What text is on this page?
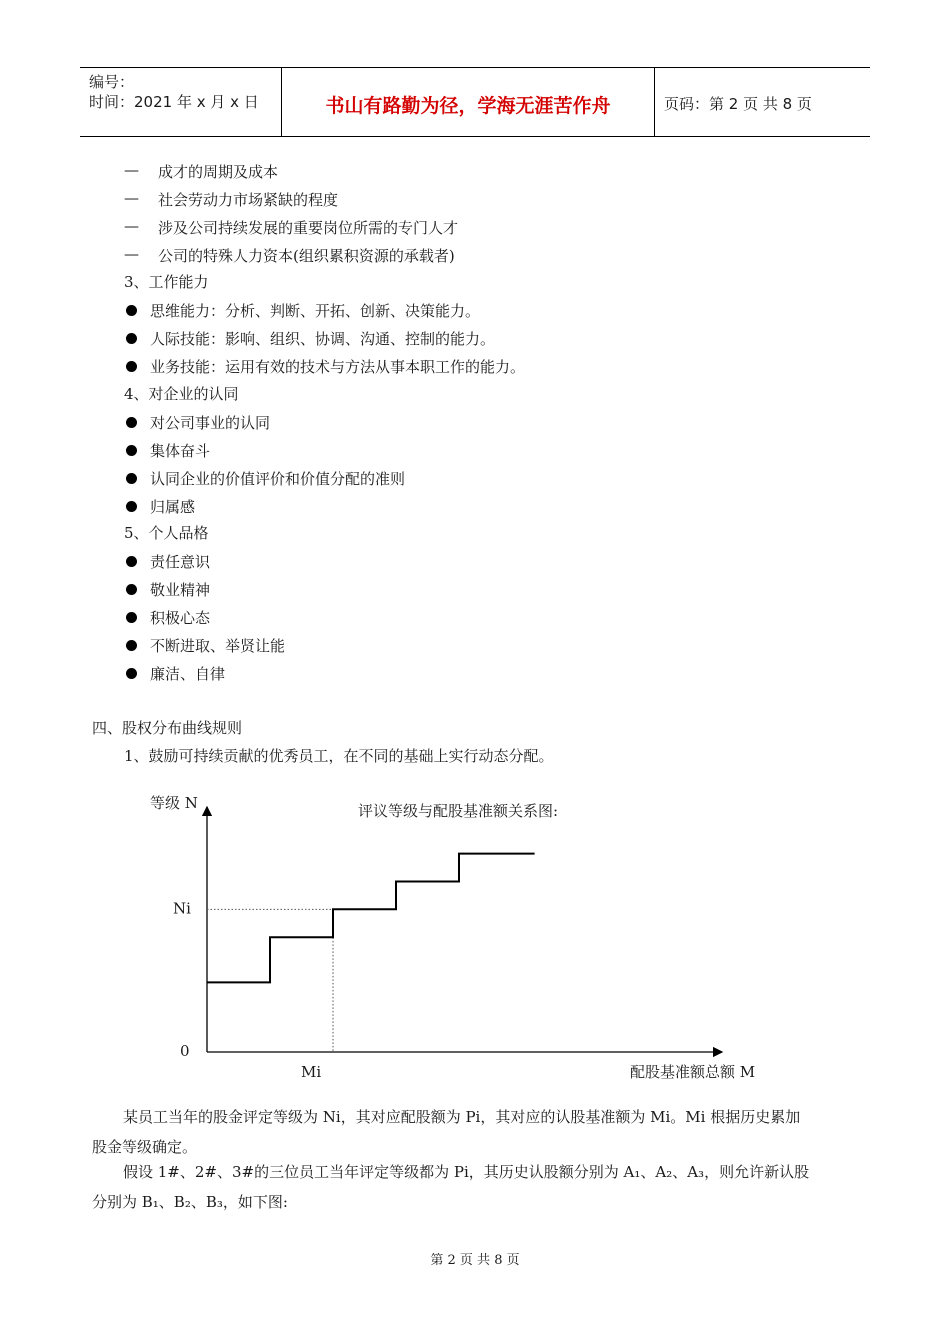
编号：
时间：2021 年 x 月 x 日	书山有路勤为径，学海无涯苦作舟	页码：第 2 页 共 8 页
— 成才的周期及成本
— 社会劳动力市场紧缺的程度
— 涉及公司持续发展的重要岗位所需的专门人才
— 公司的特殊人力资本(组织累积资源的承载者)
3、工作能力
思维能力：分析、判断、开拓、创新、决策能力。
人际技能：影响、组织、协调、沟通、控制的能力。
业务技能：运用有效的技术与方法从事本职工作的能力。
4、对企业的认同
对公司事业的认同
集体奋斗
认同企业的价值评价和价值分配的准则
归属感
5、个人品格
责任意识
敬业精神
积极心态
不断进取、举贤让能
廉洁、自律
四、股权分布曲线规则
1、鼓励可持续贡献的优秀员工，在不同的基础上实行动态分配。
评议等级与配股基准额关系图:
等级 N
配股基准额总额 M
0
Ni
Mi
某员工当年的股金评定等级为 Ni，其对应配股额为 Pi，其对应的认股基准额为 Mi。Mi 根据历史累加
股金等级确定。
假设 1#、2#、3#的三位员工当年评定等级都为 Pi，其历史认股额分别为 A₁、A₂、A₃，则允许新认股
分别为 B₁、B₂、B₃，如下图:
第 2 页 共 8 页
